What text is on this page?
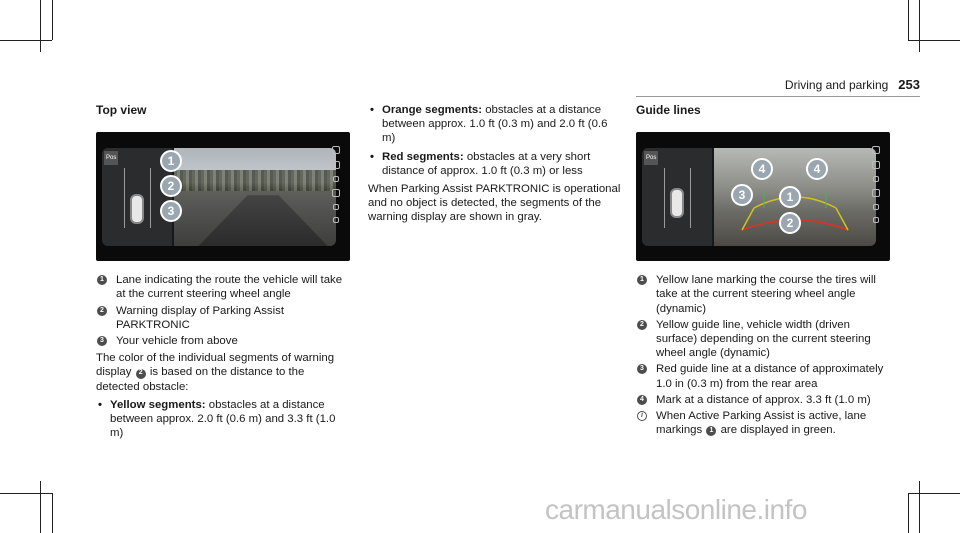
Driving and parking 253
Top view
Pos	1
2
3
1 Lane indicating the route the vehicle will take at the current steering wheel angle
2 Warning display of Parking Assist PARKTRONIC
3 Your vehicle from above

The color of the individual segments of warning display 2 is based on the distance to the detected obstacle:

• Yellow segments: obstacles at a distance between approx. 2.0 ft (0.6 m) and 3.3 ft (1.0 m)
• Orange segments: obstacles at a distance between approx. 1.0 ft (0.3 m) and 2.0 ft (0.6 m)
• Red segments: obstacles at a very short distance of approx. 1.0 ft (0.3 m) or less

When Parking Assist PARKTRONIC is operational and no object is detected, the segments of the warning display are shown in gray.

Guide lines
Pos
4	4
3	1
2
1 Yellow lane marking the course the tires will take at the current steering wheel angle (dynamic)
2 Yellow guide line, vehicle width (driven surface) depending on the current steering wheel angle (dynamic)
3 Red guide line at a distance of approximately 1.0 in (0.3 m) from the rear area
4 Mark at a distance of approx. 3.3 ft (1.0 m)
i	When Active Parking Assist is active, lane markings 1 are displayed in green.
carmanualsonline.info
